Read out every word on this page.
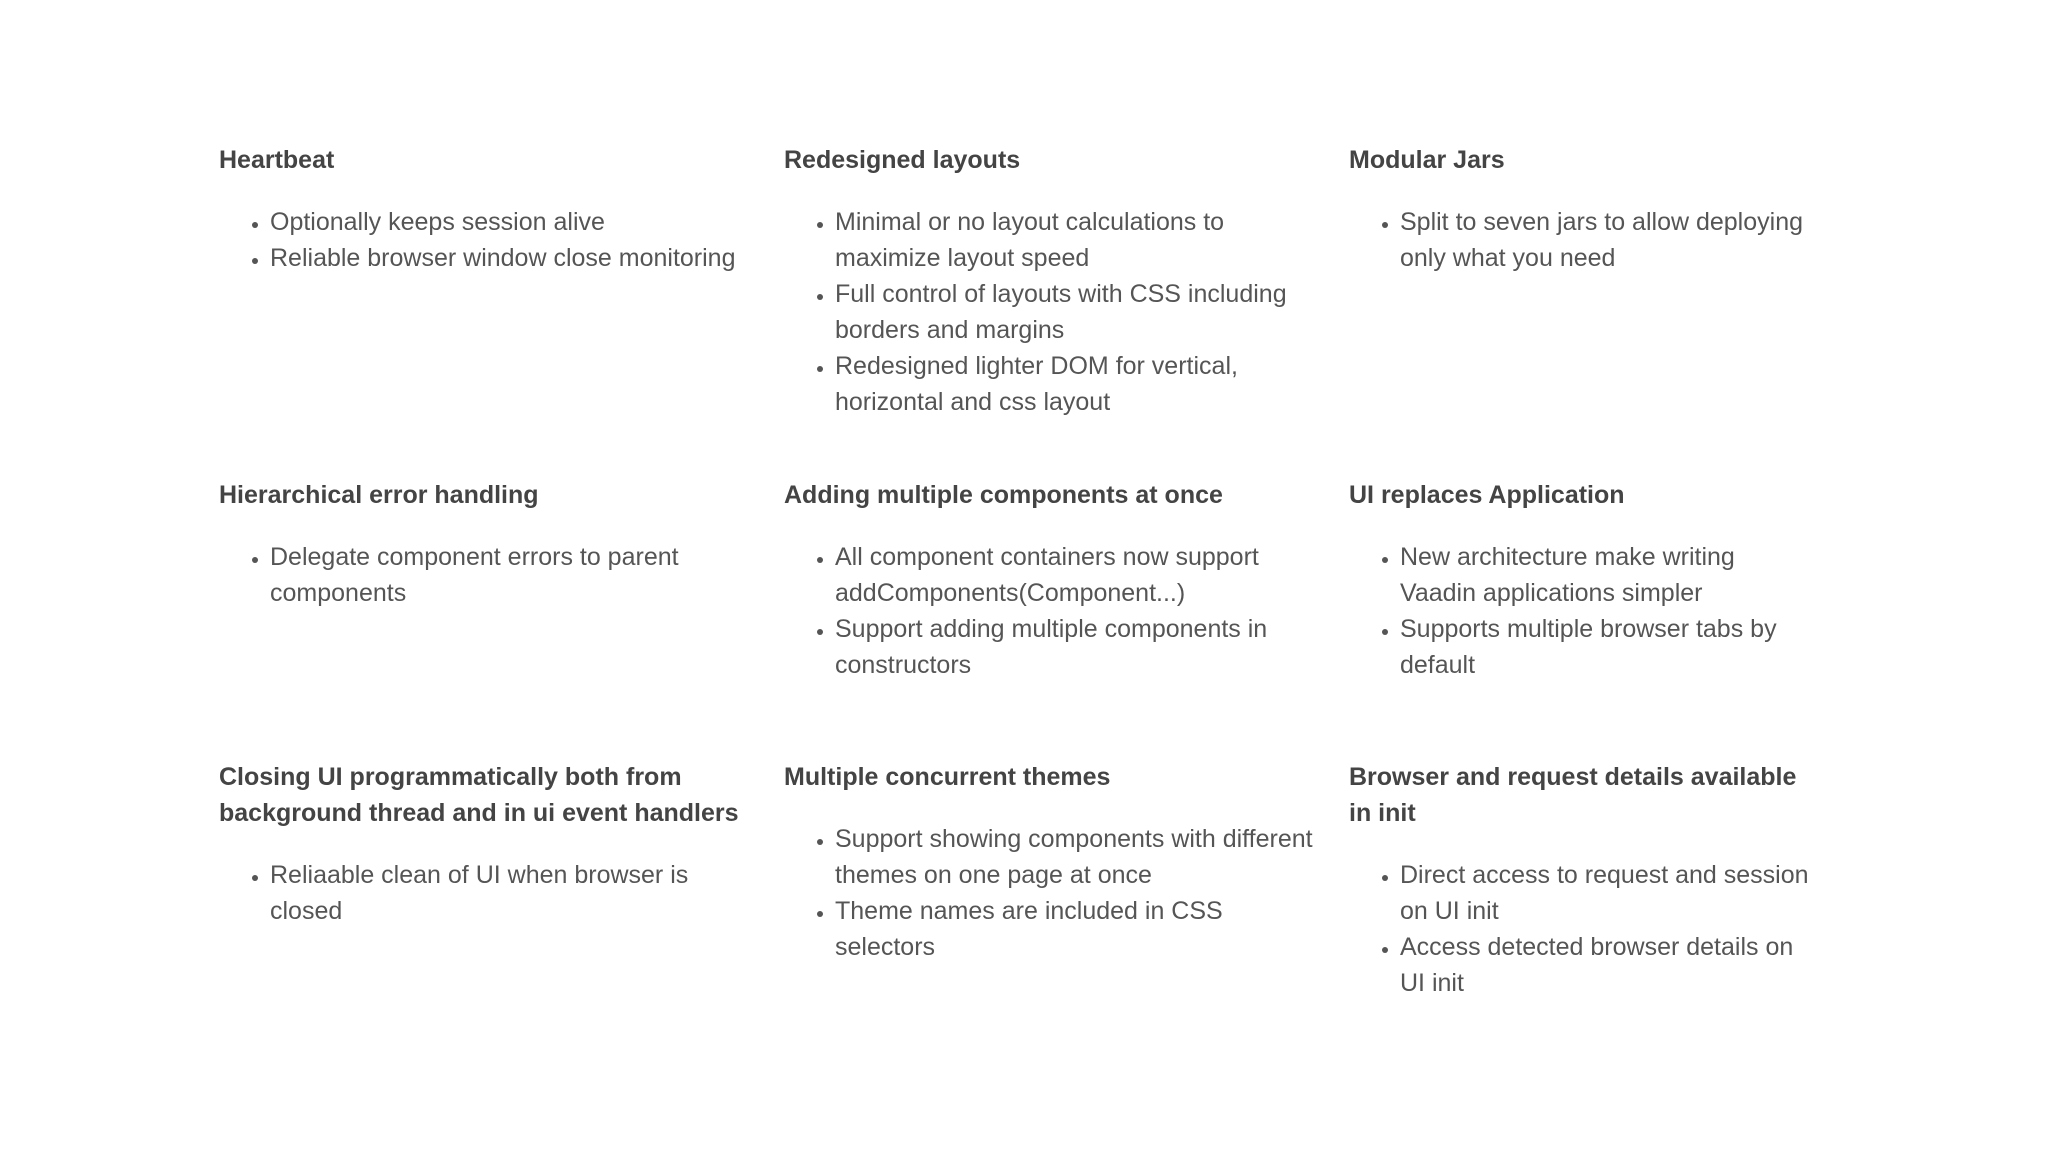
Heartbeat
• Optionally keeps session alive
• Reliable browser window close monitoring
Redesigned layouts
• Minimal or no layout calculations to maximize layout speed
• Full control of layouts with CSS including borders and margins
• Redesigned lighter DOM for vertical, horizontal and css layout
Modular Jars
• Split to seven jars to allow deploying only what you need
Hierarchical error handling
• Delegate component errors to parent components
Adding multiple components at once
• All component containers now support addComponents(Component...)
• Support adding multiple components in constructors
UI replaces Application
• New architecture make writing Vaadin applications simpler
• Supports multiple browser tabs by default
Closing UI programmatically both from background thread and in ui event handlers
• Reliaable clean of UI when browser is closed
Multiple concurrent themes
• Support showing components with different themes on one page at once
• Theme names are included in CSS selectors
Browser and request details available in init
• Direct access to request and session on UI init
• Access detected browser details on UI init
